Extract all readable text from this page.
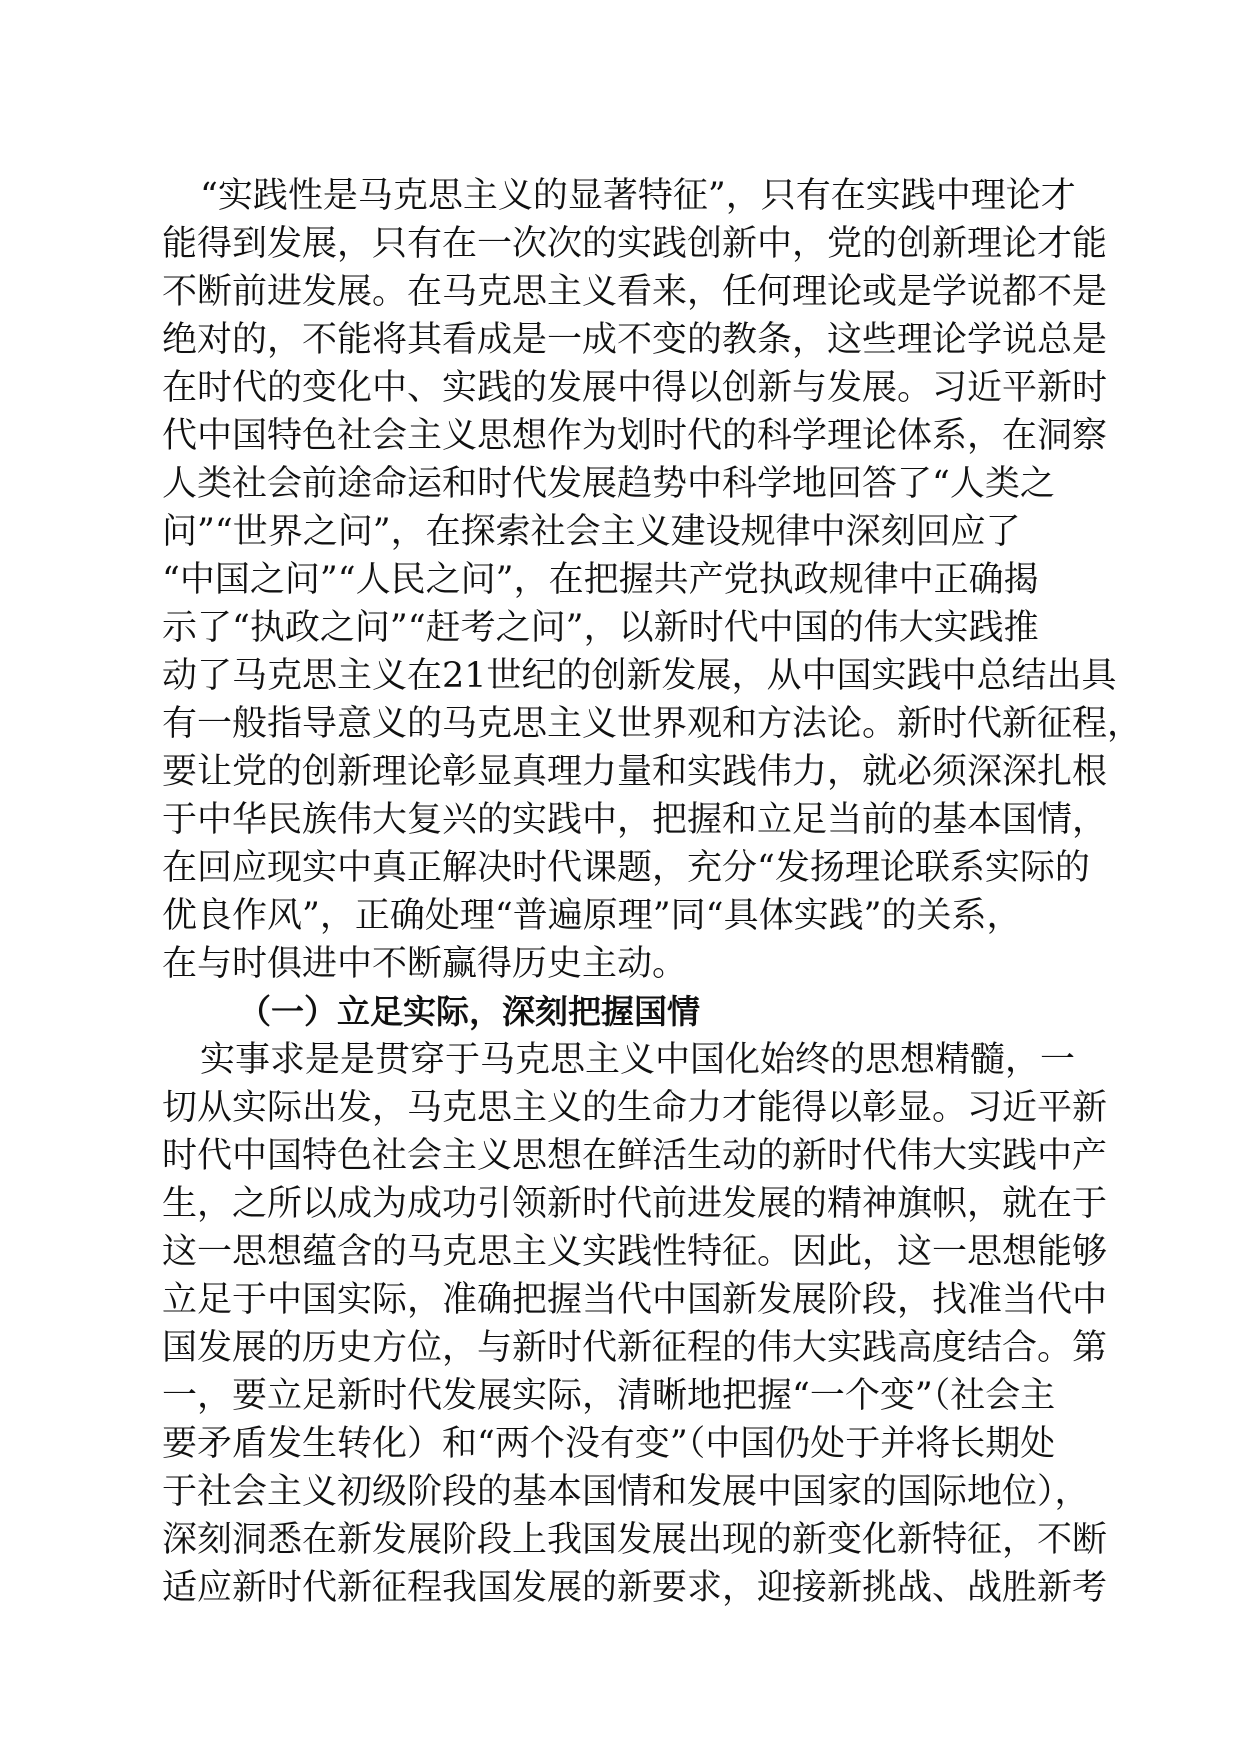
“实践性是马克思主义的显著特征”，只有在实践中理论才
能得到发展，只有在一次次的实践创新中，党的创新理论才能
不断前进发展。在马克思主义看来，任何理论或是学说都不是
绝对的，不能将其看成是一成不变的教条，这些理论学说总是
在时代的变化中、实践的发展中得以创新与发展。习近平新时
代中国特色社会主义思想作为划时代的科学理论体系，在洞察
人类社会前途命运和时代发展趋势中科学地回答了“人类之
问”“世界之问”，在探索社会主义建设规律中深刻回应了
“中国之问”“人民之问”，在把握共产党执政规律中正确揭
示了“执政之问”“赶考之问”，以新时代中国的伟大实践推
动了马克思主义在21世纪的创新发展，从中国实践中总结出具
有一般指导意义的马克思主义世界观和方法论。新时代新征程，
要让党的创新理论彰显真理力量和实践伟力，就必须深深扎根
于中华民族伟大复兴的实践中，把握和立足当前的基本国情，
在回应现实中真正解决时代课题，充分“发扬理论联系实际的
优良作风”，正确处理“普遍原理”同“具体实践”的关系，
在与时俱进中不断赢得历史主动。
（一）立足实际，深刻把握国情
实事求是是贯穿于马克思主义中国化始终的思想精髓，一
切从实际出发，马克思主义的生命力才能得以彰显。习近平新
时代中国特色社会主义思想在鲜活生动的新时代伟大实践中产
生，之所以成为成功引领新时代前进发展的精神旗帜，就在于
这一思想蕴含的马克思主义实践性特征。因此，这一思想能够
立足于中国实际，准确把握当代中国新发展阶段，找准当代中
国发展的历史方位，与新时代新征程的伟大实践高度结合。第
一，要立足新时代发展实际，清晰地把握“一个变”（社会主
要矛盾发生转化）和“两个没有变”（中国仍处于并将长期处
于社会主义初级阶段的基本国情和发展中国家的国际地位），
深刻洞悉在新发展阶段上我国发展出现的新变化新特征，不断
适应新时代新征程我国发展的新要求，迎接新挑战、战胜新考
